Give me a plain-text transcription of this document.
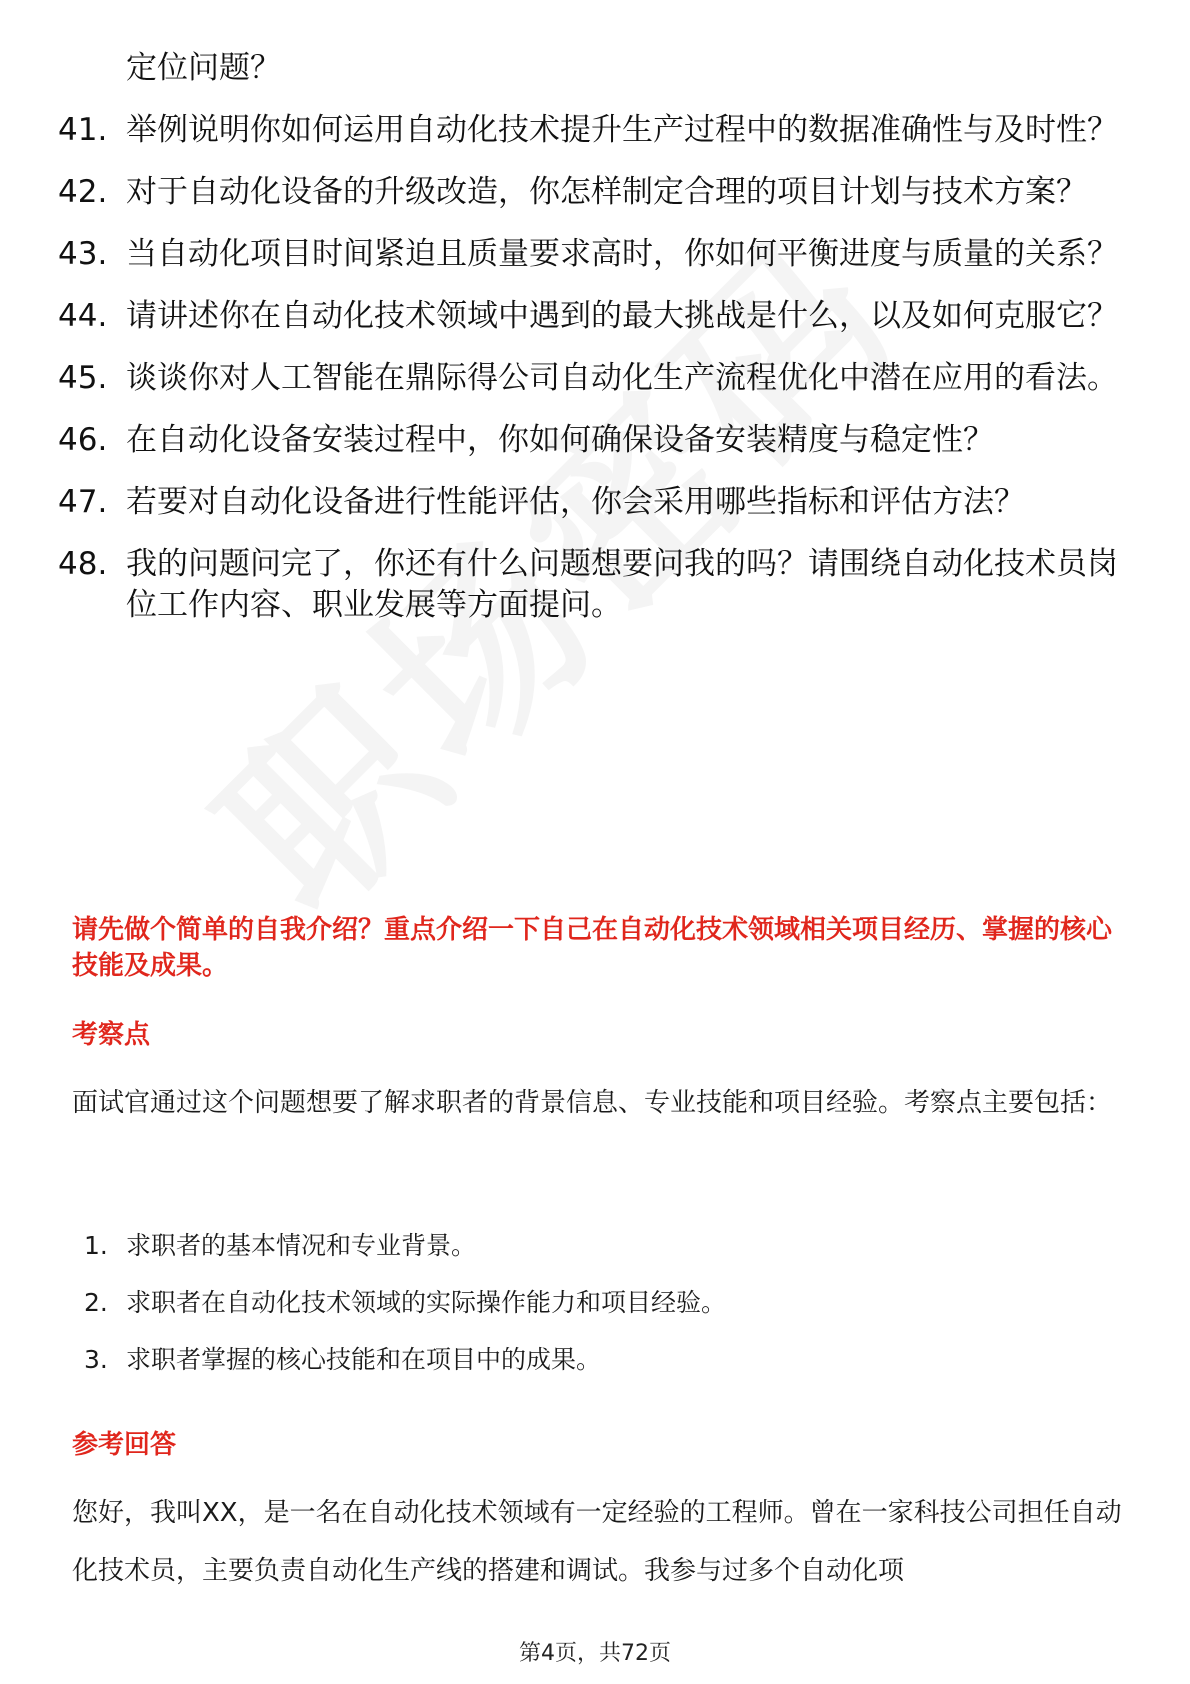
定位问题？
41. 举例说明你如何运用自动化技术提升生产过程中的数据准确性与及时性？
42. 对于自动化设备的升级改造，你怎样制定合理的项目计划与技术方案？
43. 当自动化项目时间紧迫且质量要求高时，你如何平衡进度与质量的关系？
44. 请讲述你在自动化技术领域中遇到的最大挑战是什么，以及如何克服它？
45. 谈谈你对人工智能在鼎际得公司自动化生产流程优化中潜在应用的看法。
46. 在自动化设备安装过程中，你如何确保设备安装精度与稳定性？
47. 若要对自动化设备进行性能评估，你会采用哪些指标和评估方法？
48. 我的问题问完了，你还有什么问题想要问我的吗？请围绕自动化技术员岗位工作内容、职业发展等方面提问。
请先做个简单的自我介绍？重点介绍一下自己在自动化技术领域相关项目经历、掌握的核心技能及成果。
考察点
面试官通过这个问题想要了解求职者的背景信息、专业技能和项目经验。考察点主要包括：
1. 求职者的基本情况和专业背景。
2. 求职者在自动化技术领域的实际操作能力和项目经验。
3. 求职者掌握的核心技能和在项目中的成果。
参考回答
您好，我叫XX，是一名在自动化技术领域有一定经验的工程师。曾在一家科技公司担任自动化技术员，主要负责自动化生产线的搭建和调试。我参与过多个自动化项
第4页，共72页
